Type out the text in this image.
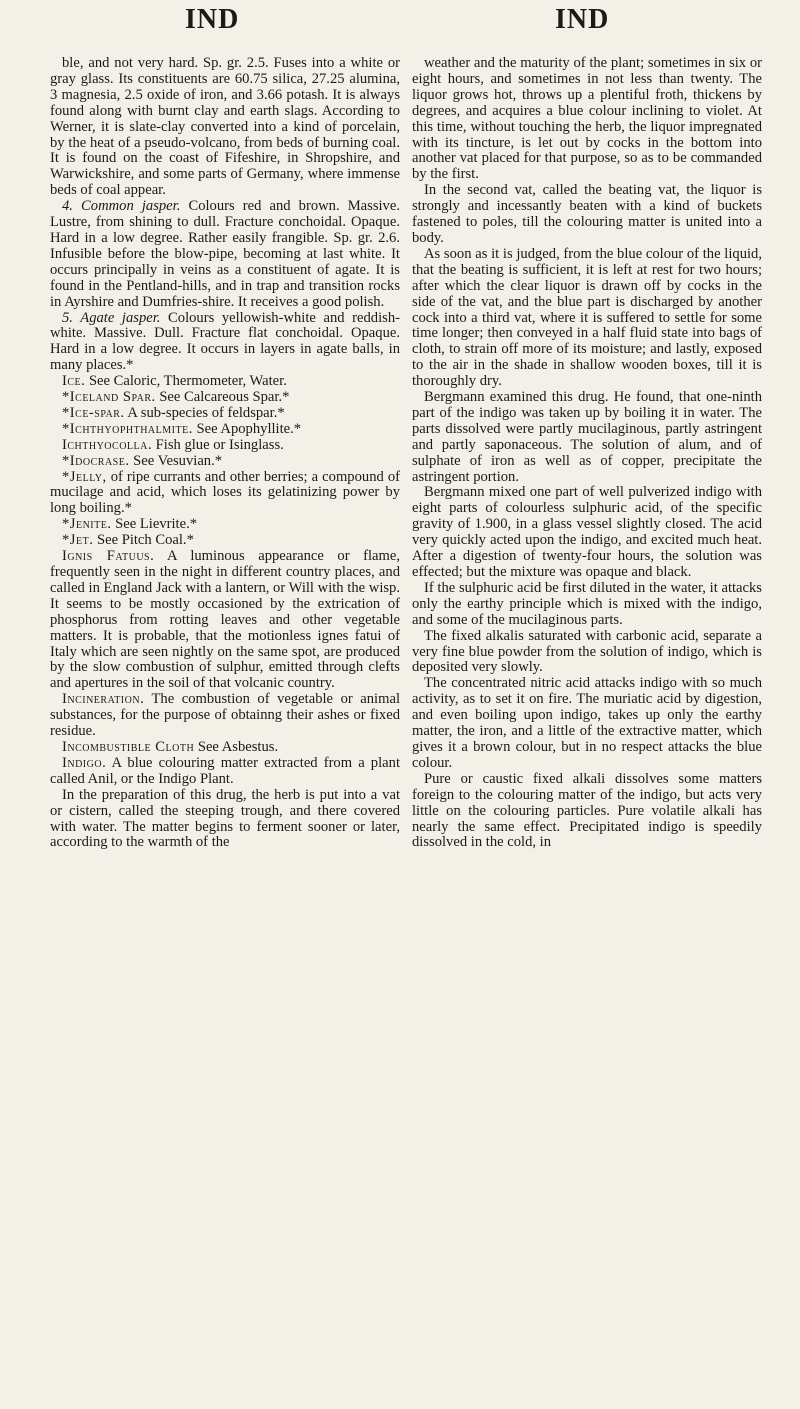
IND	IND

ble, and not very hard. Sp. gr. 2.5. Fuses into a white or gray glass. Its constituents are 60.75 silica, 27.25 alumina, 3 magnesia, 2.5 oxide of iron, and 3.66 potash. It is always found along with burnt clay and earth slags. According to Werner, it is slate-clay converted into a kind of porcelain, by the heat of a pseudo-volcano, from beds of burning coal. It is found on the coast of Fifeshire, in Shropshire, and Warwickshire, and some parts of Germany, where immense beds of coal appear.

4. Common jasper. Colours red and brown. Massive. Lustre, from shining to dull. Fracture conchoidal. Opaque. Hard in a low degree. Rather easily frangible. Sp. gr. 2.6. Infusible before the blow-pipe, becoming at last white. It occurs principally in veins as a constituent of agate. It is found in the Pentland-hills, and in trap and transition rocks in Ayrshire and Dumfries-shire. It receives a good polish.

5. Agate jasper. Colours yellowish-white and reddish-white. Massive. Dull. Fracture flat conchoidal. Opaque. Hard in a low degree. It occurs in layers in agate balls, in many places.*

Ice. See Caloric, Thermometer, Water.

*Iceland Spar. See Calcareous Spar.*

*Ice-spar. A sub-species of feldspar.*

*Ichthyophthalmite. See Apophyllite.*

Ichthyocolla. Fish glue or Isinglass.

*Idocrase. See Vesuvian.*

*Jelly, of ripe currants and other berries; a compound of mucilage and acid, which loses its gelatinizing power by long boiling.*

*Jenite. See Lievrite.*

*Jet. See Pitch Coal.*

Ignis Fatuus. A luminous appearance or flame, frequently seen in the night in different country places, and called in England Jack with a lantern, or Will with the wisp. It seems to be mostly occasioned by the extrication of phosphorus from rotting leaves and other vegetable matters. It is probable, that the motionless ignes fatui of Italy which are seen nightly on the same spot, are produced by the slow combustion of sulphur, emitted through clefts and apertures in the soil of that volcanic country.

Incineration. The combustion of vegetable or animal substances, for the purpose of obtainng their ashes or fixed residue.

Incombustible Cloth See Asbestus.

Indigo. A blue colouring matter extracted from a plant called Anil, or the Indigo Plant.

In the preparation of this drug, the herb is put into a vat or cistern, called the steeping trough, and there covered with water. The matter begins to ferment sooner or later, according to the warmth of the

weather and the maturity of the plant; sometimes in six or eight hours, and sometimes in not less than twenty. The liquor grows hot, throws up a plentiful froth, thickens by degrees, and acquires a blue colour inclining to violet. At this time, without touching the herb, the liquor impregnated with its tincture, is let out by cocks in the bottom into another vat placed for that purpose, so as to be commanded by the first.

In the second vat, called the beating vat, the liquor is strongly and incessantly beaten with a kind of buckets fastened to poles, till the colouring matter is united into a body.

As soon as it is judged, from the blue colour of the liquid, that the beating is sufficient, it is left at rest for two hours; after which the clear liquor is drawn off by cocks in the side of the vat, and the blue part is discharged by another cock into a third vat, where it is suffered to settle for some time longer; then conveyed in a half fluid state into bags of cloth, to strain off more of its moisture; and lastly, exposed to the air in the shade in shallow wooden boxes, till it is thoroughly dry.

Bergmann examined this drug. He found, that one-ninth part of the indigo was taken up by boiling it in water. The parts dissolved were partly mucilaginous, partly astringent and partly saponaceous. The solution of alum, and of sulphate of iron as well as of copper, precipitate the astringent portion.

Bergmann mixed one part of well pulverized indigo with eight parts of colourless sulphuric acid, of the specific gravity of 1.900, in a glass vessel slightly closed. The acid very quickly acted upon the indigo, and excited much heat. After a digestion of twenty-four hours, the solution was effected; but the mixture was opaque and black.

If the sulphuric acid be first diluted in the water, it attacks only the earthy principle which is mixed with the indigo, and some of the mucilaginous parts.

The fixed alkalis saturated with carbonic acid, separate a very fine blue powder from the solution of indigo, which is deposited very slowly.

The concentrated nitric acid attacks indigo with so much activity, as to set it on fire. The muriatic acid by digestion, and even boiling upon indigo, takes up only the earthy matter, the iron, and a little of the extractive matter, which gives it a brown colour, but in no respect attacks the blue colour.

Pure or caustic fixed alkali dissolves some matters foreign to the colouring matter of the indigo, but acts very little on the colouring particles. Pure volatile alkali has nearly the same effect. Precipitated indigo is speedily dissolved in the cold, in
